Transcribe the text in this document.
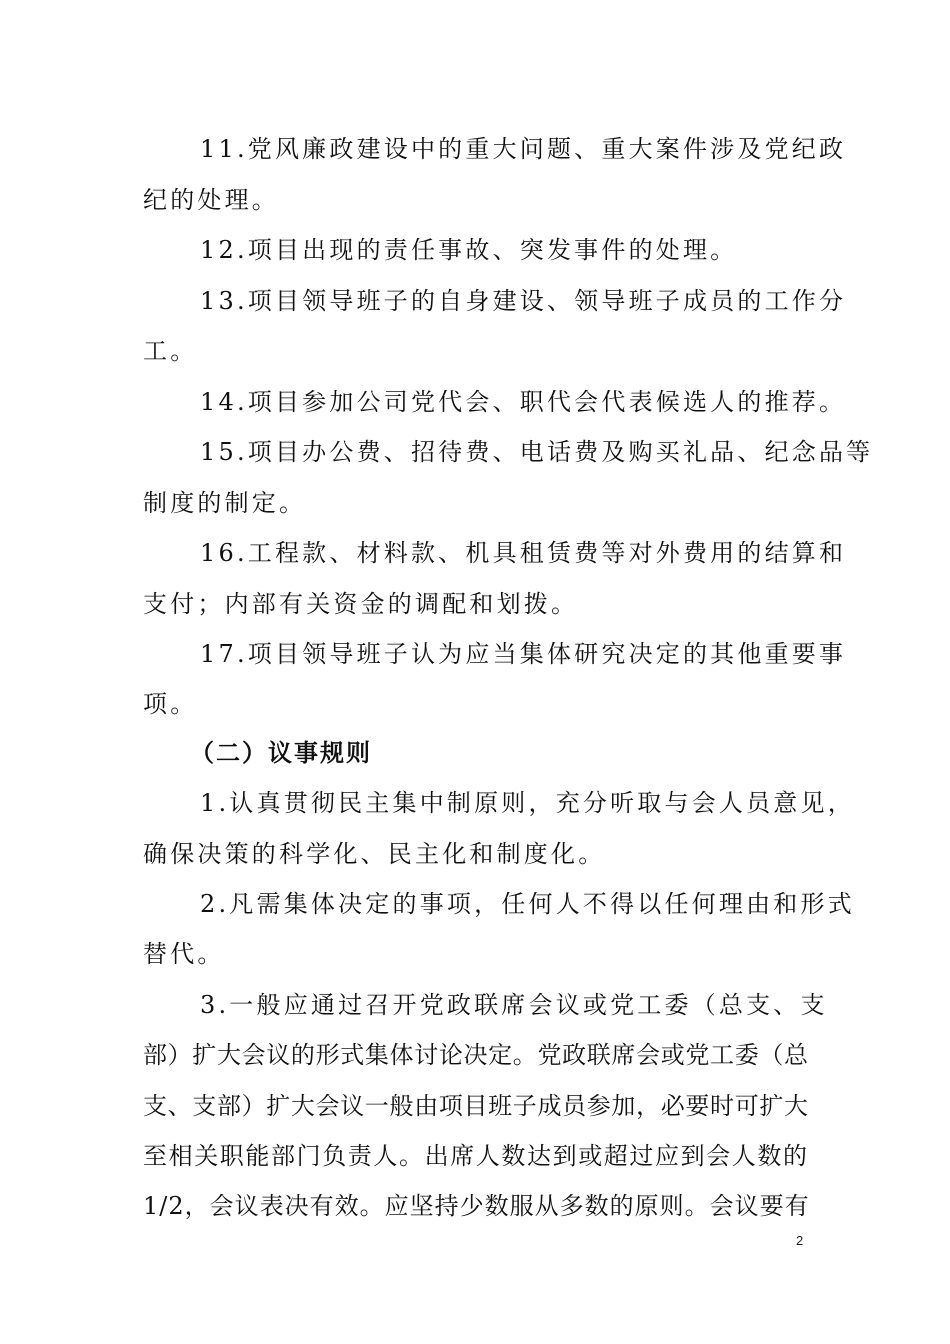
11.党风廉政建设中的重大问题、重大案件涉及党纪政
纪的处理。
12.项目出现的责任事故、突发事件的处理。
13.项目领导班子的自身建设、领导班子成员的工作分
工。
14.项目参加公司党代会、职代会代表候选人的推荐。
15.项目办公费、招待费、电话费及购买礼品、纪念品等
制度的制定。
16.工程款、材料款、机具租赁费等对外费用的结算和
支付；内部有关资金的调配和划拨。
17.项目领导班子认为应当集体研究决定的其他重要事
项。
（二）议事规则
1.认真贯彻民主集中制原则，充分听取与会人员意见，
确保决策的科学化、民主化和制度化。
2.凡需集体决定的事项，任何人不得以任何理由和形式
替代。
3.一般应通过召开党政联席会议或党工委（总支、支
部）扩大会议的形式集体讨论决定。党政联席会或党工委（总
支、支部）扩大会议一般由项目班子成员参加，必要时可扩大
至相关职能部门负责人。出席人数达到或超过应到会人数的
1/2，会议表决有效。应坚持少数服从多数的原则。会议要有
2
